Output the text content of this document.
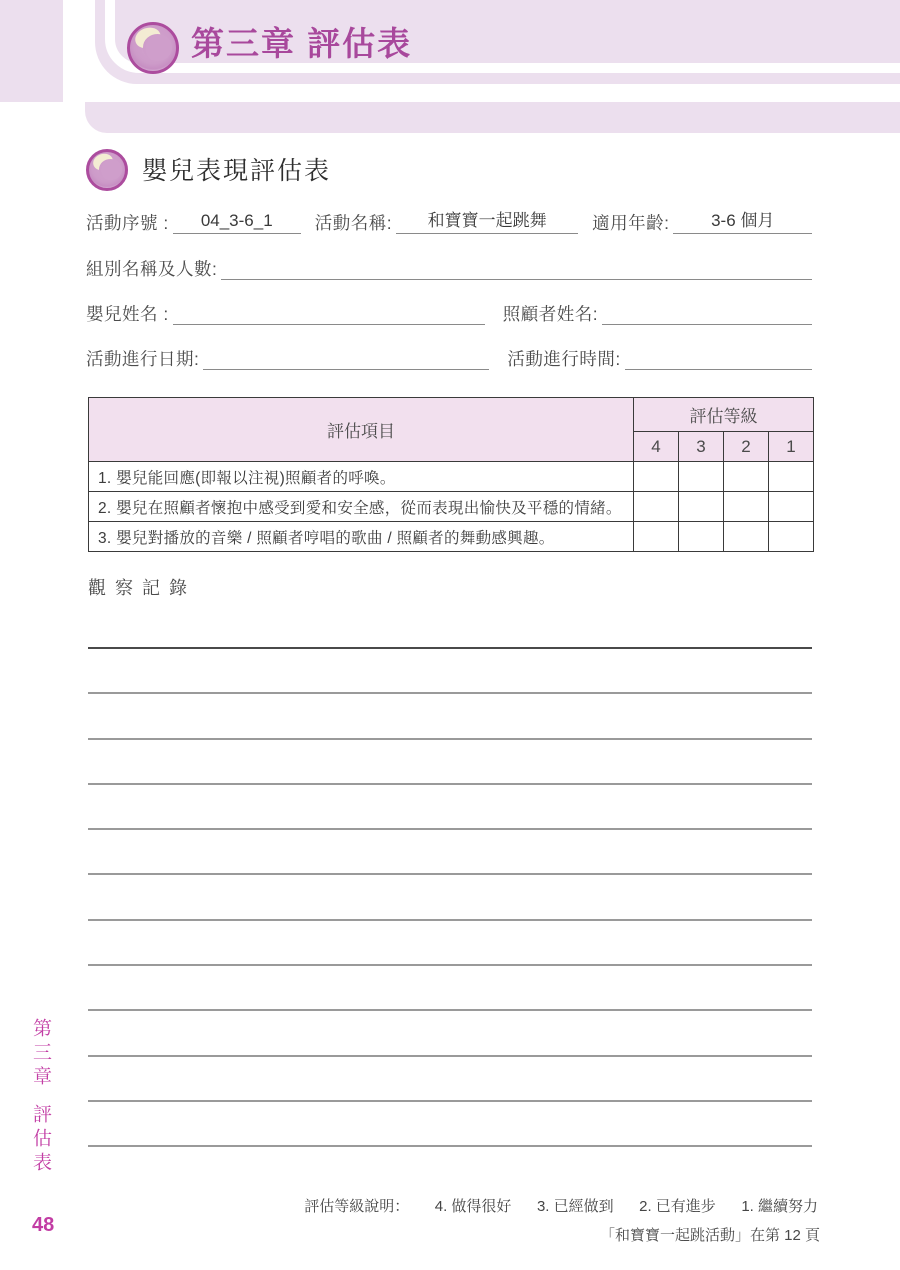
第三章 評估表
嬰兒表現評估表
活動序號 :	04_3-6_1	活動名稱:	和寶寶一起跳舞	適用年齡:	3-6 個月
組別名稱及人數:
嬰兒姓名 :	照顧者姓名:
活動進行日期:	活動進行時間:
評估項目	評估等級			
	4	3	2	1
1. 嬰兒能回應(即報以注視)照顧者的呼喚。				
2. 嬰兒在照顧者懷抱中感受到愛和安全感，從而表現出愉快及平穩的情緒。				
3. 嬰兒對播放的音樂 / 照顧者哼唱的歌曲 / 照顧者的舞動感興趣。				
觀察記錄
第三章
評估表
48
評估等級說明： 4. 做得很好 3. 已經做到 2. 已有進步 1. 繼續努力
「和寶寶一起跳活動」在第 12 頁
